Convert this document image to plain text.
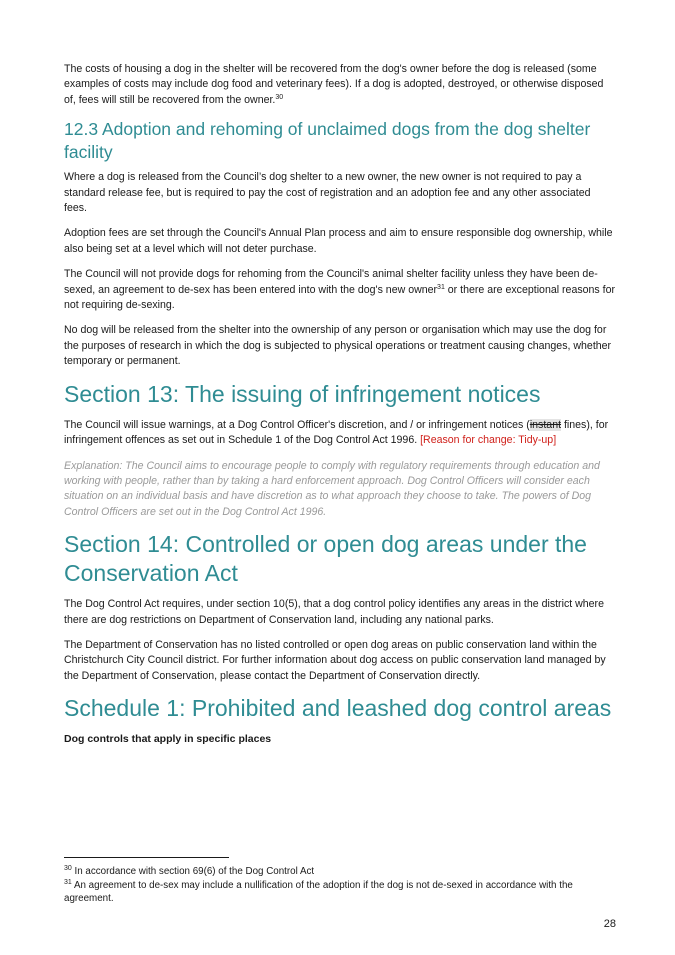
The costs of housing a dog in the shelter will be recovered from the dog's owner before the dog is released (some examples of costs may include dog food and veterinary fees). If a dog is adopted, destroyed, or otherwise disposed of, fees will still be recovered from the owner.$^{30}$

12.3 Adoption and rehoming of unclaimed dogs from the dog shelter facility

Where a dog is released from the Council’s dog shelter to a new owner, the new owner is not required to pay a standard release fee, but is required to pay the cost of registration and an adoption fee and any other associated fees.

Adoption fees are set through the Council's Annual Plan process and aim to ensure responsible dog ownership, while also being set at a level which will not deter purchase.

The Council will not provide dogs for rehoming from the Council's animal shelter facility unless they have been de-sexed, an agreement to de-sex has been entered into with the dog's new owner$^{31}$ or there are exceptional reasons for not requiring de-sexing.

No dog will be released from the shelter into the ownership of any person or organisation which may use the dog for the purposes of research in which the dog is subjected to physical operations or treatment causing changes, whether temporary or permanent.

Section 13: The issuing of infringement notices

The Council will issue warnings, at a Dog Control Officer's discretion, and / or infringement notices (instant fines), for infringement offences as set out in Schedule 1 of the Dog Control Act 1996. [Reason for change: Tidy-up]

Explanation: The Council aims to encourage people to comply with regulatory requirements through education and working with people, rather than by taking a hard enforcement approach. Dog Control Officers will consider each situation on an individual basis and have discretion as to what approach they choose to take. The powers of Dog Control Officers are set out in the Dog Control Act 1996.

Section 14: Controlled or open dog areas under the Conservation Act

The Dog Control Act requires, under section 10(5), that a dog control policy identifies any areas in the district where there are dog restrictions on Department of Conservation land, including any national parks.

The Department of Conservation has no listed controlled or open dog areas on public conservation land within the Christchurch City Council district. For further information about dog access on public conservation land managed by the Department of Conservation, please contact the Department of Conservation directly.

Schedule 1: Prohibited and leashed dog control areas

Dog controls that apply in specific places

$^{30}$ In accordance with section 69(6) of the Dog Control Act

$^{31}$ An agreement to de-sex may include a nullification of the adoption if the dog is not de-sexed in accordance with the agreement.

28
